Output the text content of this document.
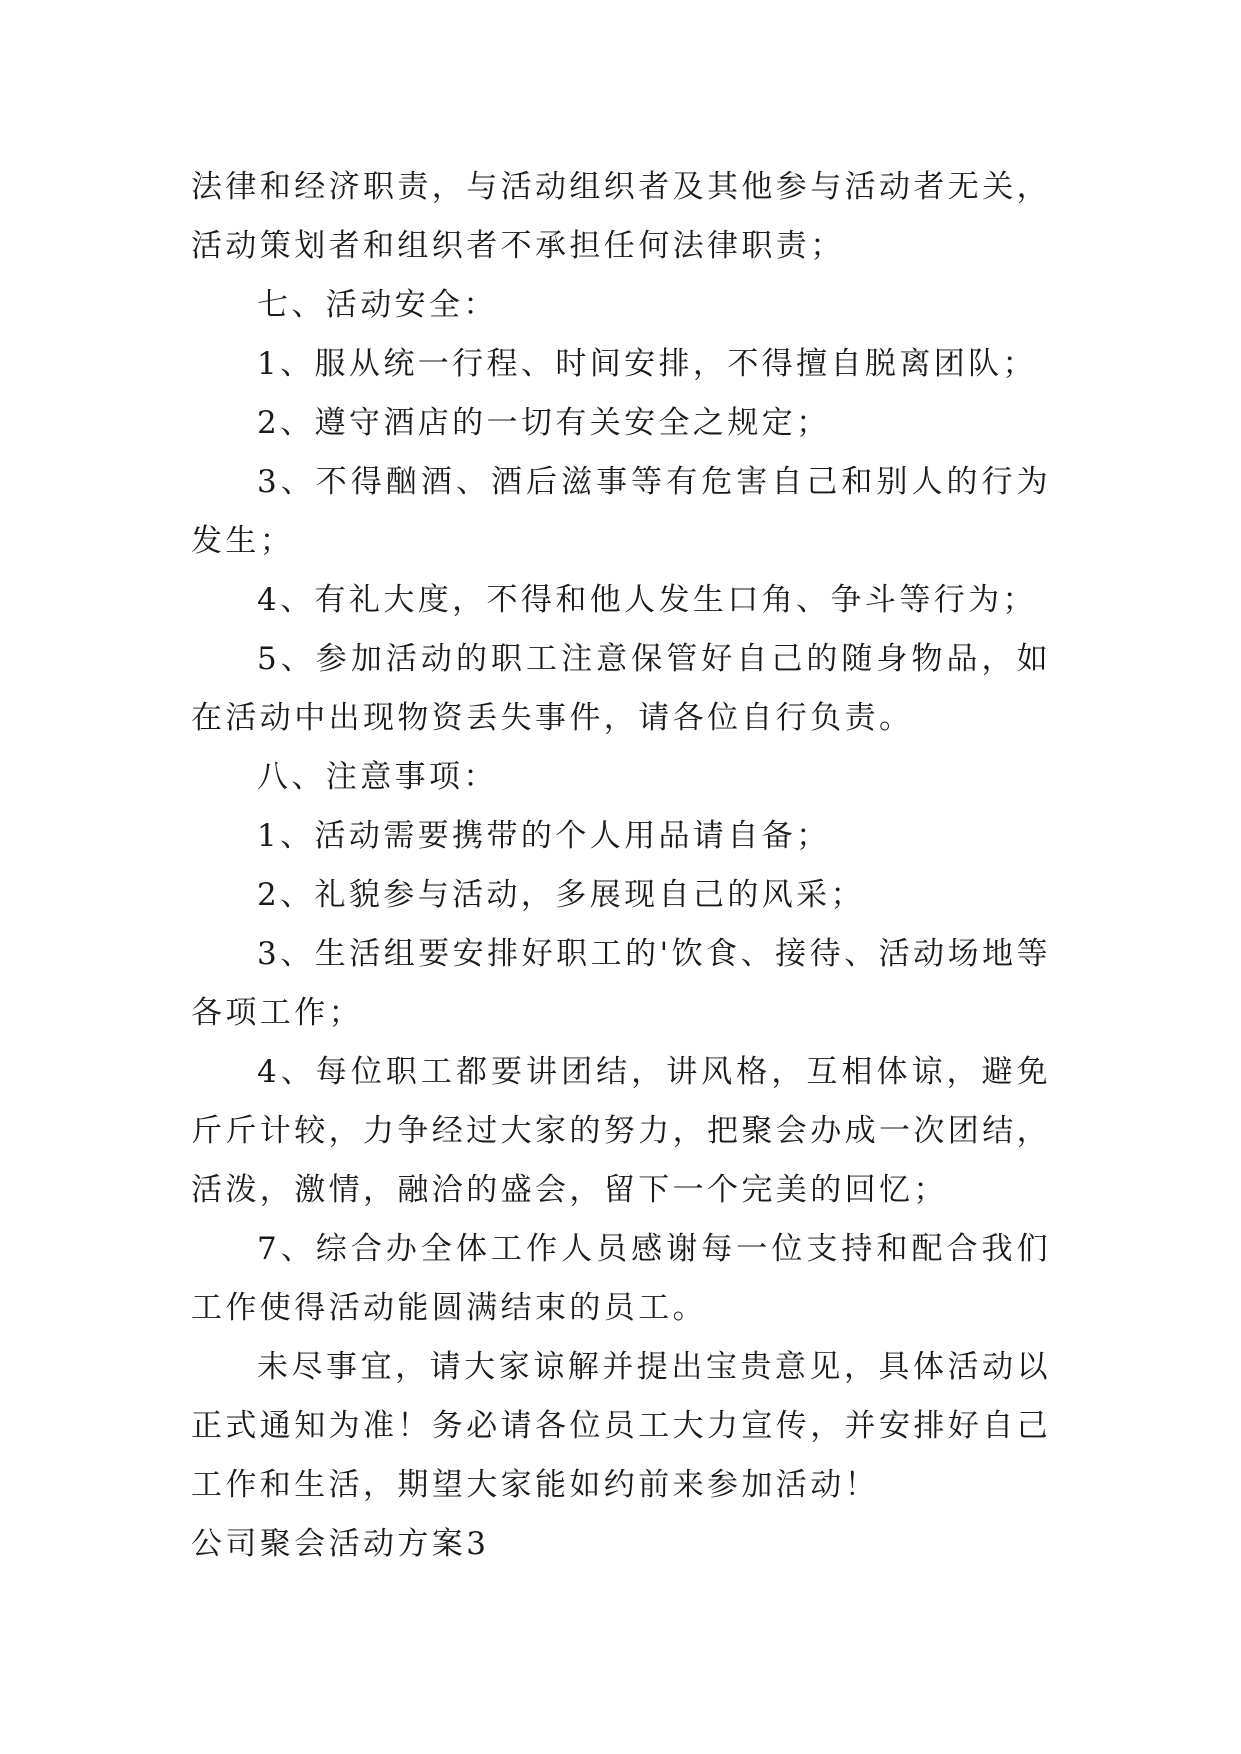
法律和经济职责，与活动组织者及其他参与活动者无关，活动策划者和组织者不承担任何法律职责；

七、活动安全：

1、服从统一行程、时间安排，不得擅自脱离团队；

2、遵守酒店的一切有关安全之规定；

3、不得酗酒、酒后滋事等有危害自己和别人的行为发生；

4、有礼大度，不得和他人发生口角、争斗等行为；

5、参加活动的职工注意保管好自己的随身物品，如在活动中出现物资丢失事件，请各位自行负责。

八、注意事项：

1、活动需要携带的个人用品请自备；

2、礼貌参与活动，多展现自己的风采；

3、生活组要安排好职工的'饮食、接待、活动场地等各项工作；

4、每位职工都要讲团结，讲风格，互相体谅，避免斤斤计较，力争经过大家的努力，把聚会办成一次团结，活泼，激情，融洽的盛会，留下一个完美的回忆；

7、综合办全体工作人员感谢每一位支持和配合我们工作使得活动能圆满结束的员工。

未尽事宜，请大家谅解并提出宝贵意见，具体活动以正式通知为准！务必请各位员工大力宣传，并安排好自己工作和生活，期望大家能如约前来参加活动！

公司聚会活动方案3
